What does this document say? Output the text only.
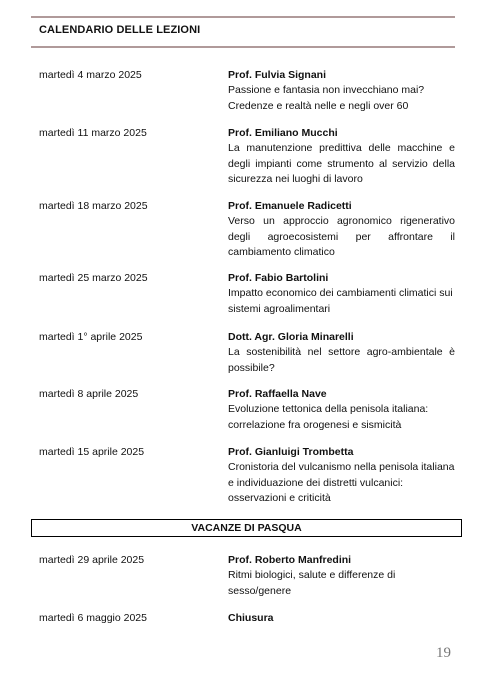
CALENDARIO DELLE LEZIONI
martedì 4 marzo 2025	Prof. Fulvia Signani
Passione e fantasia non invecchiano mai? Credenze e realtà nelle e negli over 60
martedì 11 marzo 2025	Prof. Emiliano Mucchi
La manutenzione predittiva delle macchine e degli impianti come strumento al servizio della sicurezza nei luoghi di lavoro
martedì 18 marzo 2025	Prof. Emanuele Radicetti
Verso un approccio agronomico rigenerativo degli agroecosistemi per affrontare il cambiamento climatico
martedì 25 marzo 2025	Prof. Fabio Bartolini
Impatto economico dei cambiamenti climatici sui sistemi agroalimentari
martedì 1° aprile 2025	Dott. Agr. Gloria Minarelli
La sostenibilità nel settore agro-ambientale è possibile?
martedì 8 aprile 2025	Prof. Raffaella Nave
Evoluzione tettonica della penisola italiana: correlazione fra orogenesi e sismicità
martedì 15 aprile 2025	Prof. Gianluigi Trombetta
Cronistoria del vulcanismo nella penisola italiana e individuazione dei distretti vulcanici: osservazioni e criticità
VACANZE DI PASQUA
martedì 29 aprile 2025	Prof. Roberto Manfredini
Ritmi biologici, salute e differenze di sesso/genere
martedì 6 maggio 2025	Chiusura
19
